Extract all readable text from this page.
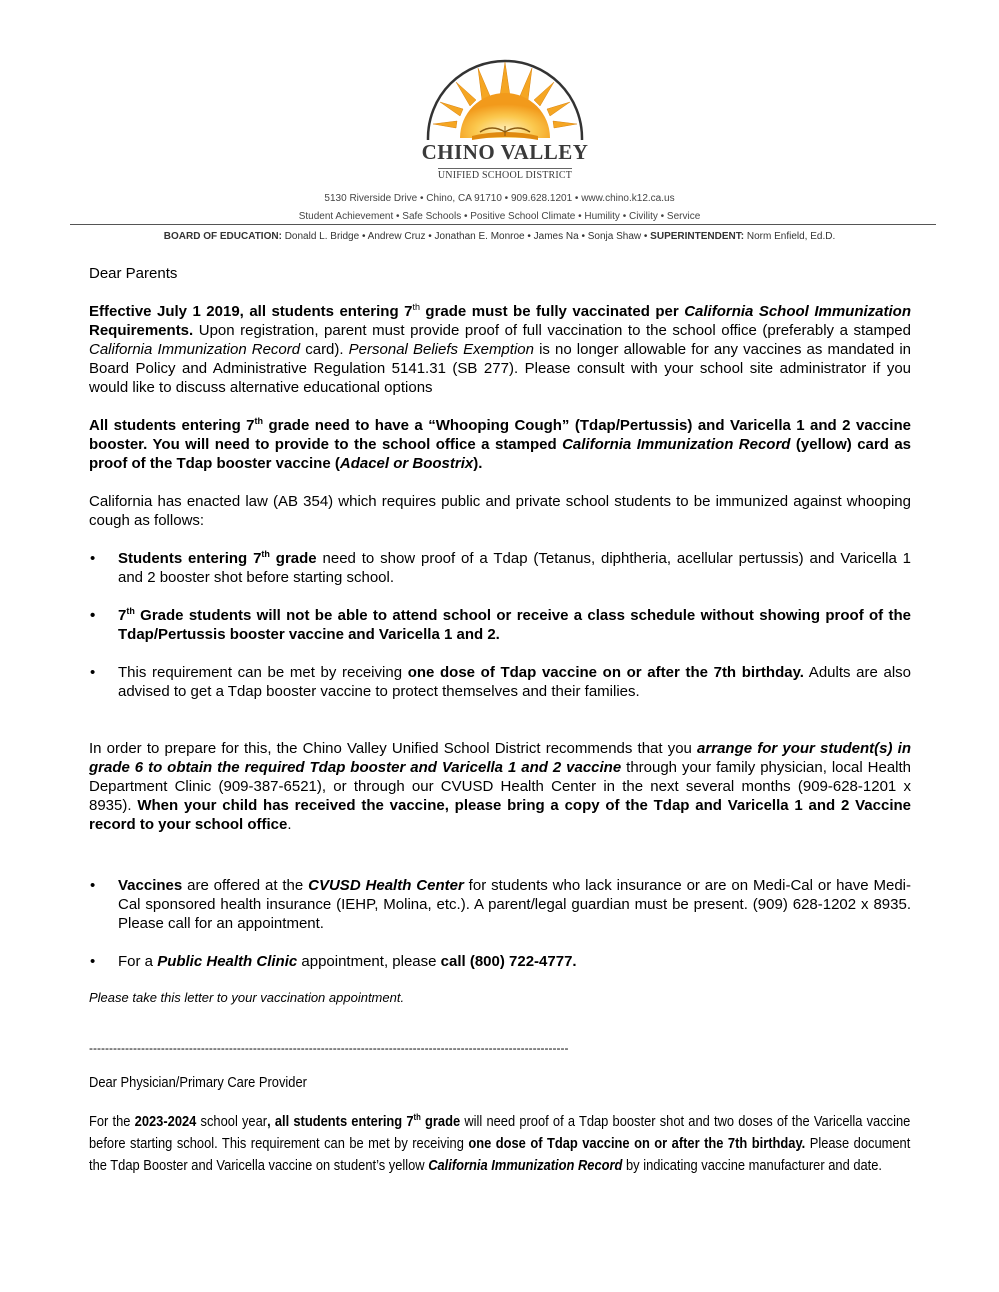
CHINO VALLEY
UNIFIED SCHOOL DISTRICT
5130 Riverside Drive • Chino, CA 91710 • 909.628.1201 • www.chino.k12.ca.us
Student Achievement • Safe Schools • Positive School Climate • Humility • Civility • Service
BOARD OF EDUCATION: Donald L. Bridge • Andrew Cruz • Jonathan E. Monroe • James Na • Sonja Shaw • SUPERINTENDENT: Norm Enfield, Ed.D.

Dear Parents

Effective July 1 2019, all students entering 7th grade must be fully vaccinated per California School Immunization Requirements. Upon registration, parent must provide proof of full vaccination to the school office (preferably a stamped California Immunization Record card). Personal Beliefs Exemption is no longer allowable for any vaccines as mandated in Board Policy and Administrative Regulation 5141.31 (SB 277). Please consult with your school site administrator if you would like to discuss alternative educational options

All students entering 7th grade need to have a “Whooping Cough” (Tdap/Pertussis) and Varicella 1 and 2 vaccine booster. You will need to provide to the school office a stamped California Immunization Record (yellow) card as proof of the Tdap booster vaccine (Adacel or Boostrix).

California has enacted law (AB 354) which requires public and private school students to be immunized against whooping cough as follows:

• Students entering 7th grade need to show proof of a Tdap (Tetanus, diphtheria, acellular pertussis) and Varicella 1 and 2 booster shot before starting school.
• 7th Grade students will not be able to attend school or receive a class schedule without showing proof of the Tdap/Pertussis booster vaccine and Varicella 1 and 2.
• This requirement can be met by receiving one dose of Tdap vaccine on or after the 7th birthday. Adults are also advised to get a Tdap booster vaccine to protect themselves and their families.

In order to prepare for this, the Chino Valley Unified School District recommends that you arrange for your student(s) in grade 6 to obtain the required Tdap booster and Varicella 1 and 2 vaccine through your family physician, local Health Department Clinic (909-387-6521), or through our CVUSD Health Center in the next several months (909-628-1201 x 8935). When your child has received the vaccine, please bring a copy of the Tdap and Varicella 1 and 2 Vaccine record to your school office.

• Vaccines are offered at the CVUSD Health Center for students who lack insurance or are on Medi-Cal or have Medi-Cal sponsored health insurance (IEHP, Molina, etc.). A parent/legal guardian must be present. (909) 628-1202 x 8935. Please call for an appointment.
• For a Public Health Clinic appointment, please call (800) 722-4777.

Please take this letter to your vaccination appointment.

------------------------------------------------------------------------------------------------------------------------
Dear Physician/Primary Care Provider

For the 2023-2024 school year, all students entering 7th grade will need proof of a Tdap booster shot and two doses of the Varicella vaccine before starting school. This requirement can be met by receiving one dose of Tdap vaccine on or after the 7th birthday. Please document the Tdap Booster and Varicella vaccine on student’s yellow California Immunization Record by indicating vaccine manufacturer and date.
